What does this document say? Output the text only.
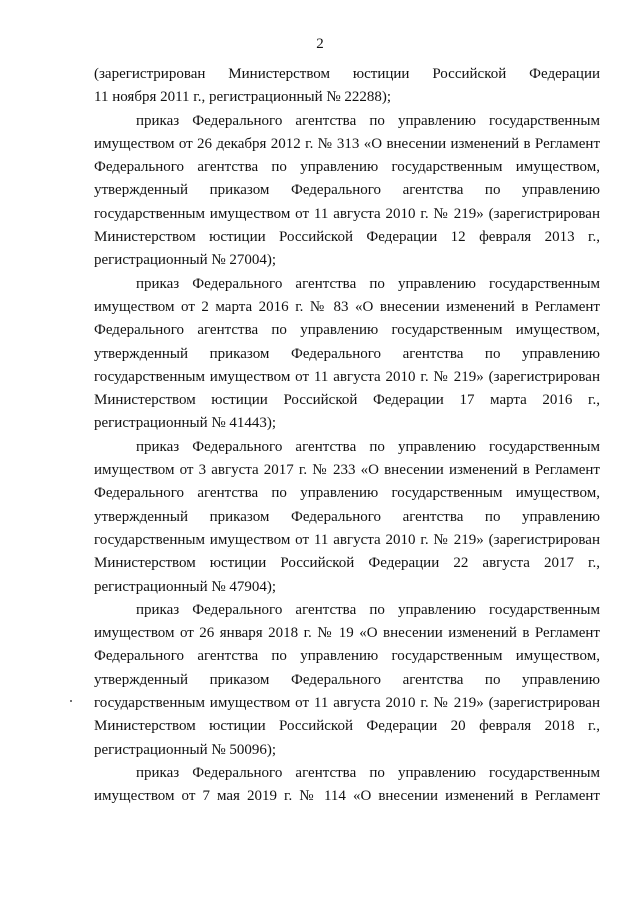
2
(зарегистрирован Министерством юстиции Российской Федерации
11 ноября 2011 г., регистрационный № 22288);
приказ Федерального агентства по управлению государственным
имуществом от 26 декабря 2012 г. № 313 «О внесении изменений в Регламент
Федерального агентства по управлению государственным имуществом,
утвержденный приказом Федерального агентства по управлению
государственным имуществом от 11 августа 2010 г. № 219» (зарегистрирован
Министерством юстиции Российской Федерации 12 февраля 2013 г.,
регистрационный № 27004);
приказ Федерального агентства по управлению государственным
имуществом от 2 марта 2016 г. № 83 «О внесении изменений в Регламент
Федерального агентства по управлению государственным имуществом,
утвержденный приказом Федерального агентства по управлению
государственным имуществом от 11 августа 2010 г. № 219» (зарегистрирован
Министерством юстиции Российской Федерации 17 марта 2016 г.,
регистрационный № 41443);
приказ Федерального агентства по управлению государственным
имуществом от 3 августа 2017 г. № 233 «О внесении изменений в Регламент
Федерального агентства по управлению государственным имуществом,
утвержденный приказом Федерального агентства по управлению
государственным имуществом от 11 августа 2010 г. № 219» (зарегистрирован
Министерством юстиции Российской Федерации 22 августа 2017 г.,
регистрационный № 47904);
приказ Федерального агентства по управлению государственным
имуществом от 26 января 2018 г. № 19 «О внесении изменений в Регламент
Федерального агентства по управлению государственным имуществом,
утвержденный приказом Федерального агентства по управлению
государственным имуществом от 11 августа 2010 г. № 219» (зарегистрирован
Министерством юстиции Российской Федерации 20 февраля 2018 г.,
регистрационный № 50096);
приказ Федерального агентства по управлению государственным
имуществом от 7 мая 2019 г. № 114 «О внесении изменений в Регламент
